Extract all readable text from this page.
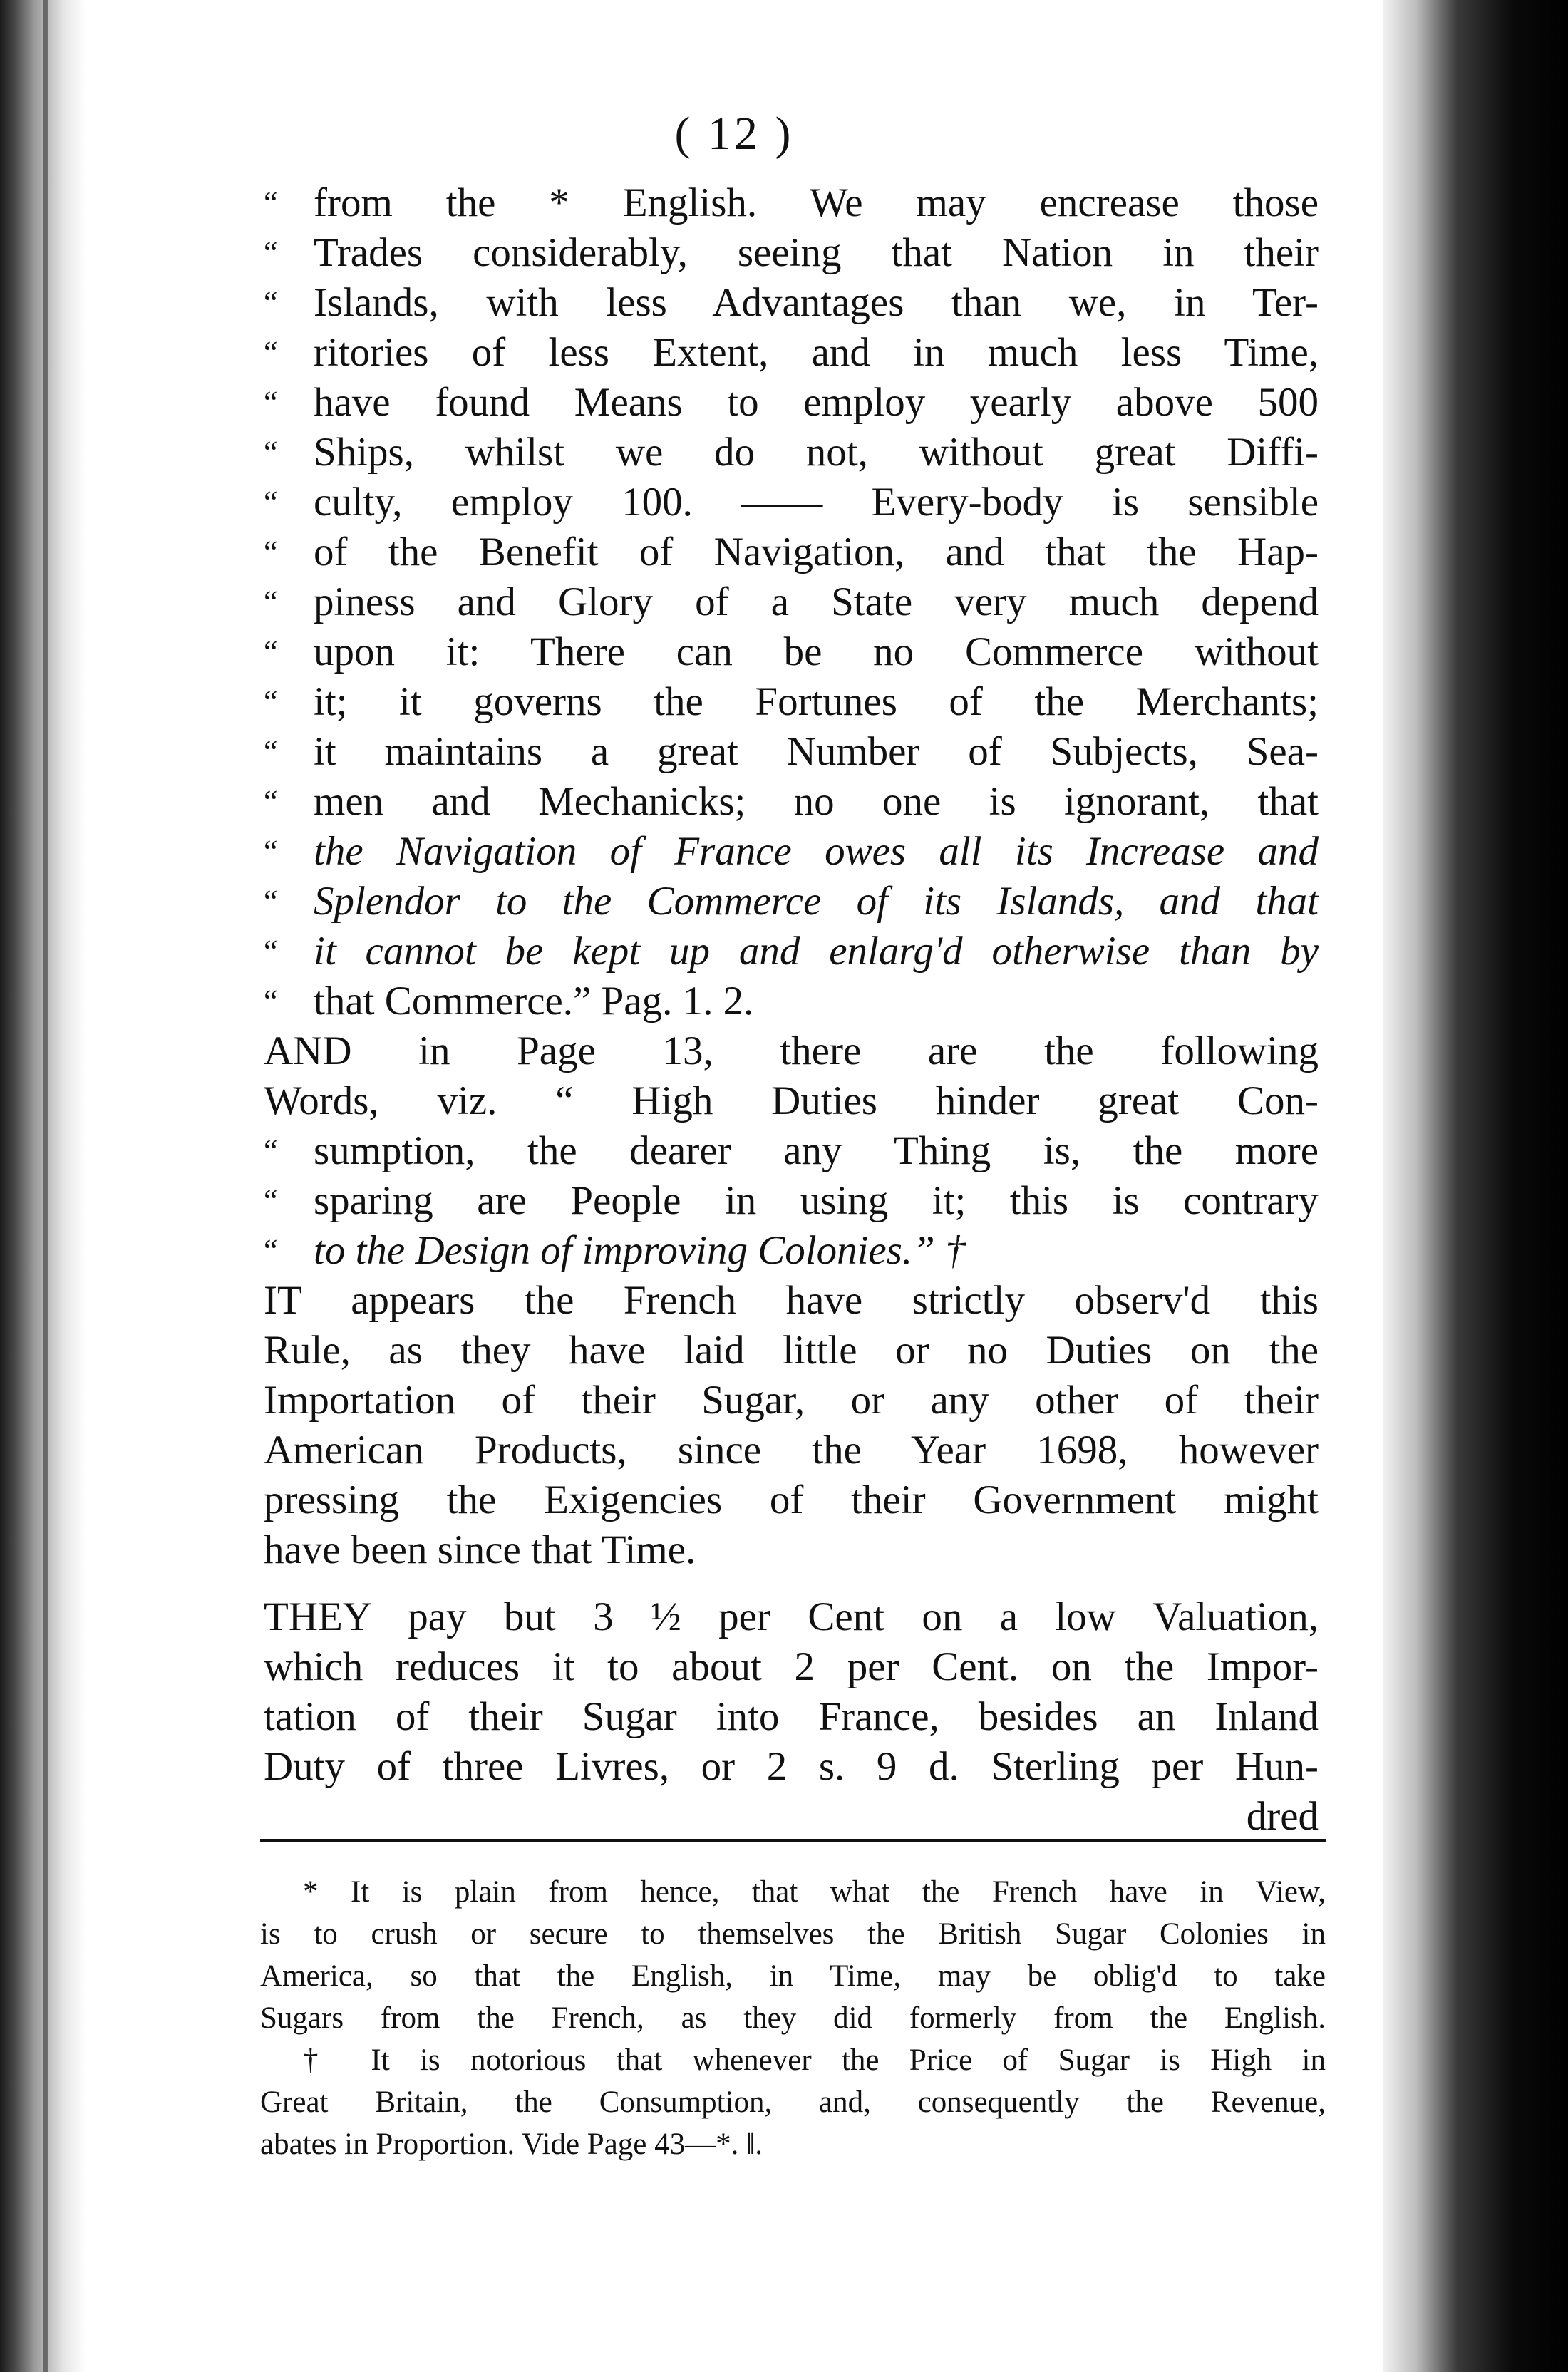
( 12 )
“ from the * English. We may encrease those
“ Trades considerably, seeing that Nation in their
“ Islands, with less Advantages than we, in Ter-
“ ritories of less Extent, and in much less Time,
“ have found Means to employ yearly above 500
“ Ships, whilst we do not, without great Diffi-
“ culty, employ 100. —— Every-body is sensible
“ of the Benefit of Navigation, and that the Hap-
“ piness and Glory of a State very much depend
“ upon it: There can be no Commerce without
“ it; it governs the Fortunes of the Merchants;
“ it maintains a great Number of Subjects, Sea-
“ men and Mechanicks; no one is ignorant, that
“ the Navigation of France owes all its Increase and
“ Splendor to the Commerce of its Islands, and that
“ it cannot be kept up and enlarg'd otherwise than by
“ that Commerce.” Pag. 1. 2.
AND in Page 13, there are the following
Words, viz. “ High Duties hinder great Con-
“ sumption, the dearer any Thing is, the more
“ sparing are People in using it; this is contrary
“ to the Design of improving Colonies.” †
IT appears the French have strictly observ'd this
Rule, as they have laid little or no Duties on the
Importation of their Sugar, or any other of their
American Products, since the Year 1698, however
pressing the Exigencies of their Government might
have been since that Time.
THEY pay but 3 ½ per Cent on a low Valuation,
which reduces it to about 2 per Cent. on the Impor-
tation of their Sugar into France, besides an Inland
Duty of three Livres, or 2 s. 9 d. Sterling per Hun-
dred
* It is plain from hence, that what the French have in View,
is to crush or secure to themselves the British Sugar Colonies in
America, so that the English, in Time, may be oblig'd to take
Sugars from the French, as they did formerly from the English.
† It is notorious that whenever the Price of Sugar is High in
Great Britain, the Consumption, and, consequently the Revenue,
abates in Proportion. Vide Page 43—*. ‖.
